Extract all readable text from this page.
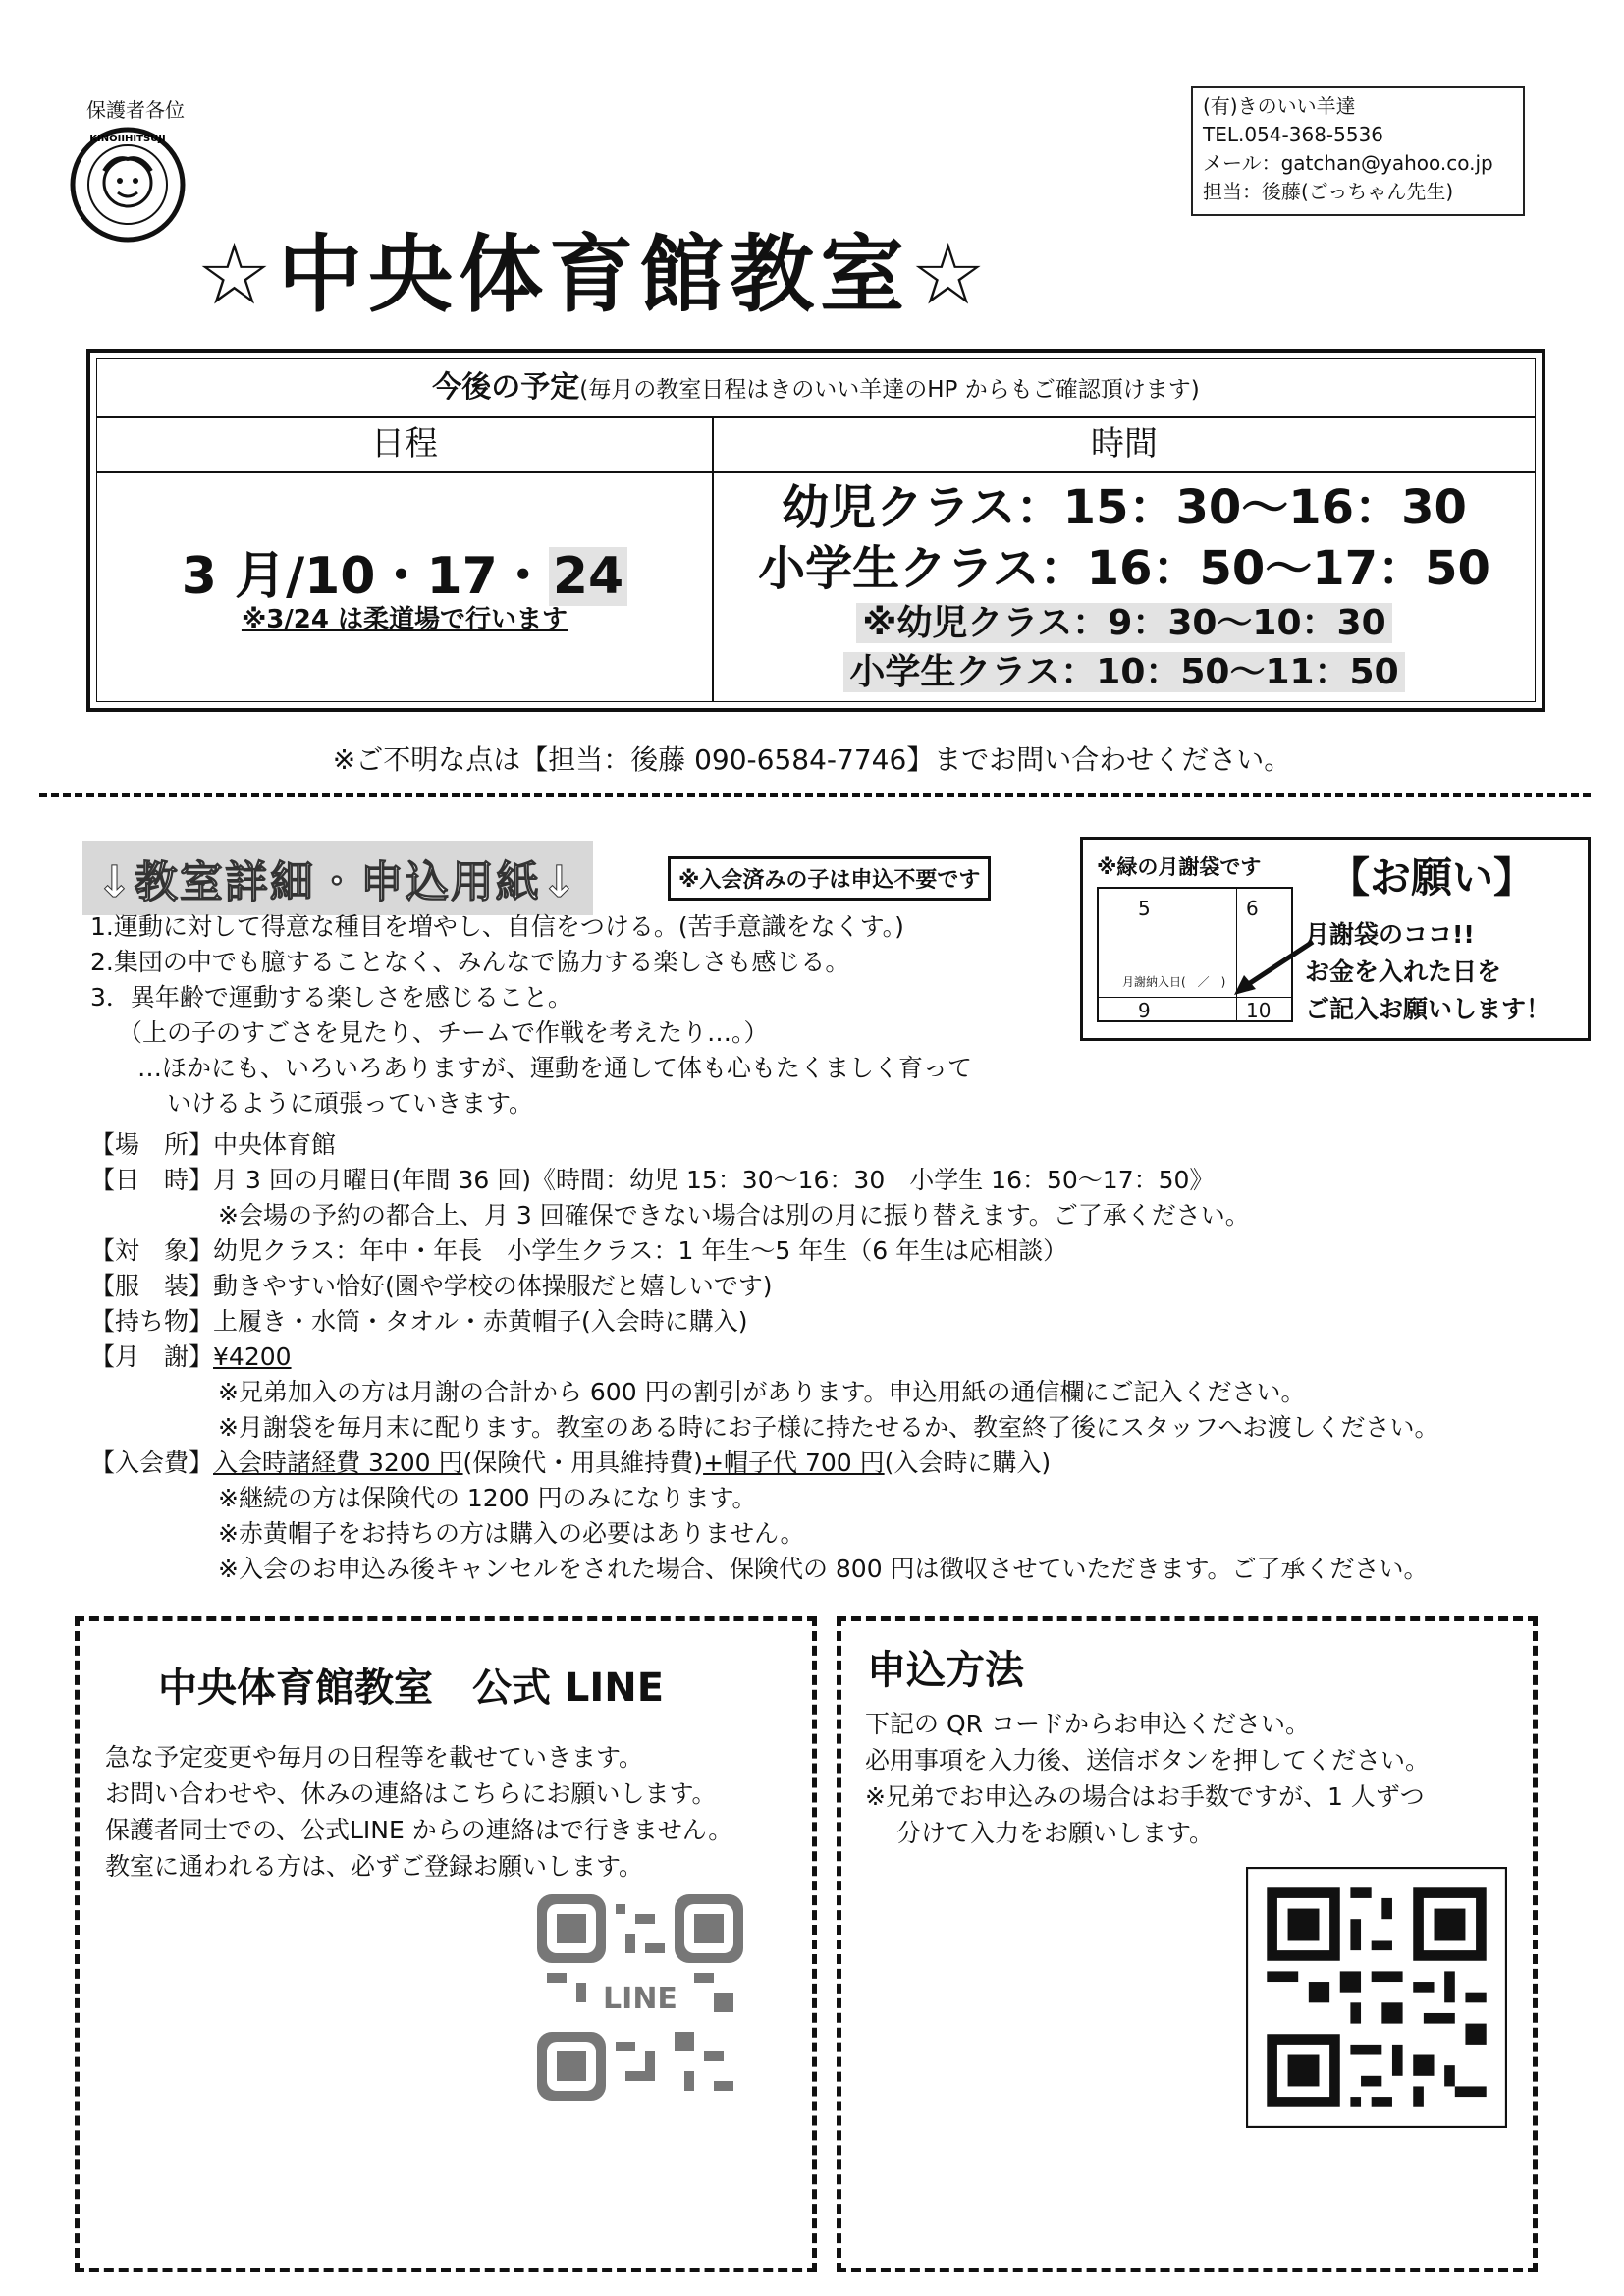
保護者各位
KINOIIHITSUJI
(有)きのいい羊達
TEL.054-368-5536
メール：gatchan@yahoo.co.jp
担当：後藤(ごっちゃん先生)
☆中央体育館教室☆
今後の予定(毎月の教室日程はきのいい羊達のHP からもご確認頂けます)
日程
3 月/10・17・24
※3/24 は柔道場で行います
時間
幼児クラス：15：30〜16：30
小学生クラス：16：50〜17：50
※幼児クラス：9：30〜10：30
小学生クラス：10：50〜11：50
※ご不明な点は【担当：後藤 090-6584-7746】までお問い合わせください。
↓教室詳細・申込用紙↓	※入会済みの子は申込不要です
※緑の月謝袋です 【お願い】
5	6
9	10
月謝納入日(　／　)
月謝袋のココ!!
お金を入れた日を
ご記入お願いします！
1.運動に対して得意な種目を増やし、自信をつける。(苦手意識をなくす。)
2.集団の中でも臆することなく、みんなで協力する楽しさも感じる。
3．異年齢で運動する楽しさを感じること。
（上の子のすごさを見たり、チームで作戦を考えたり…。）
…ほかにも、いろいろありますが、運動を通して体も心もたくましく育って
いけるように頑張っていきます。
【場　所】中央体育館
【日　時】月 3 回の月曜日(年間 36 回)《時間：幼児 15：30〜16：30　小学生 16：50〜17：50》
※会場の予約の都合上、月 3 回確保できない場合は別の月に振り替えます。ご了承ください。
【対　象】幼児クラス：年中・年長　小学生クラス：1 年生〜5 年生（6 年生は応相談）
【服　装】動きやすい恰好(園や学校の体操服だと嬉しいです)
【持ち物】上履き・水筒・タオル・赤黄帽子(入会時に購入)
【月　謝】¥4200
※兄弟加入の方は月謝の合計から 600 円の割引があります。申込用紙の通信欄にご記入ください。
※月謝袋を毎月末に配ります。教室のある時にお子様に持たせるか、教室終了後にスタッフへお渡しください。
【入会費】入会時諸経費 3200 円(保険代・用具維持費)+帽子代 700 円(入会時に購入)
※継続の方は保険代の 1200 円のみになります。
※赤黄帽子をお持ちの方は購入の必要はありません。
※入会のお申込み後キャンセルをされた場合、保険代の 800 円は徴収させていただきます。ご了承ください。
中央体育館教室　公式 LINE
急な予定変更や毎月の日程等を載せていきます。
お問い合わせや、休みの連絡はこちらにお願いします。
保護者同士での、公式LINE からの連絡はで行きません。
教室に通われる方は、必ずご登録お願いします。
LINE
申込方法
下記の QR コードからお申込ください。
必用事項を入力後、送信ボタンを押してください。
※兄弟でお申込みの場合はお手数ですが、1 人ずつ
分けて入力をお願いします。
